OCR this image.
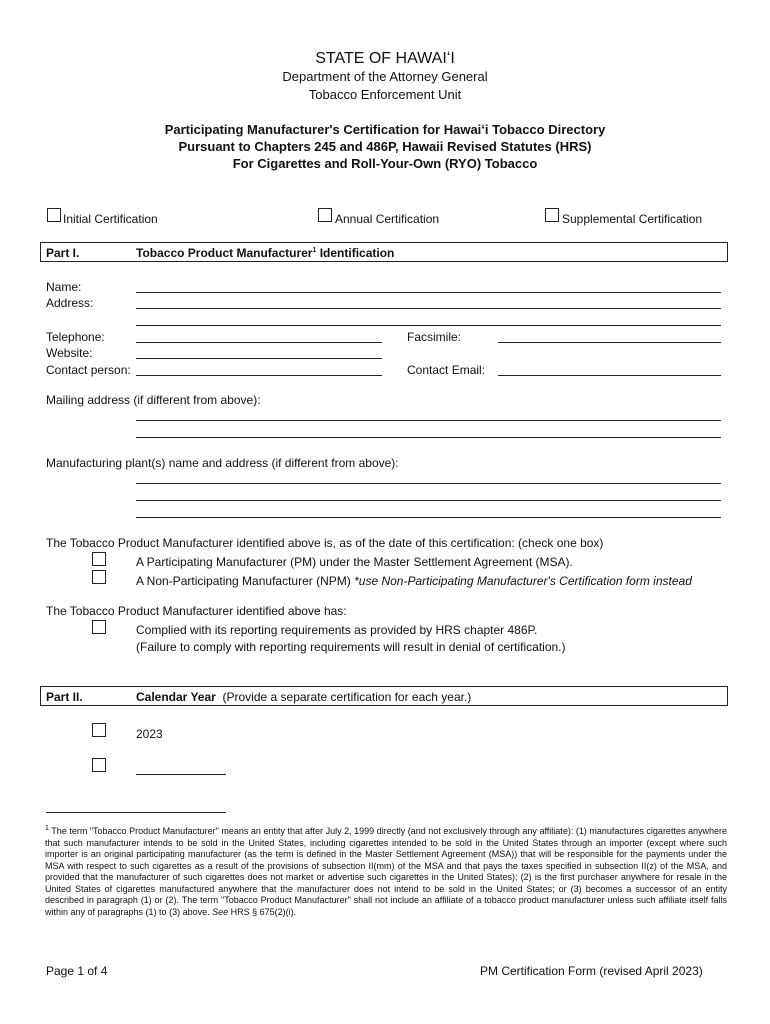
STATE OF HAWAIʻI
Department of the Attorney General
Tobacco Enforcement Unit
Participating Manufacturer's Certification for Hawaiʻi Tobacco Directory
Pursuant to Chapters 245 and 486P, Hawaii Revised Statutes (HRS)
For Cigarettes and Roll-Your-Own (RYO) Tobacco
Initial Certification	Annual Certification	Supplemental Certification
Part I.	Tobacco Product Manufacturer$^1$ Identification
Name:
Address:
Telephone:	Facsimile:
Website:
Contact person:	Contact Email:
Mailing address (if different from above):
Manufacturing plant(s) name and address (if different from above):
The Tobacco Product Manufacturer identified above is, as of the date of this certification: (check one box)
A Participating Manufacturer (PM) under the Master Settlement Agreement (MSA).
A Non-Participating Manufacturer (NPM) *use Non-Participating Manufacturer's Certification form instead
The Tobacco Product Manufacturer identified above has:
Complied with its reporting requirements as provided by HRS chapter 486P.
(Failure to comply with reporting requirements will result in denial of certification.)
Part II.	Calendar Year (Provide a separate certification for each year.)
2023
$^1$ The term "Tobacco Product Manufacturer" means an entity that after July 2, 1999 directly (and not exclusively through any affiliate): (1) manufactures cigarettes anywhere that such manufacturer intends to be sold in the United States, including cigarettes intended to be sold in the United States through an importer (except where such importer is an original participating manufacturer (as the term is defined in the Master Settlement Agreement (MSA)) that will be responsible for the payments under the MSA with respect to such cigarettes as a result of the provisions of subsection II(mm) of the MSA and that pays the taxes specified in subsection II(z) of the MSA, and provided that the manufacturer of such cigarettes does not market or advertise such cigarettes in the United States); (2) is the first purchaser anywhere for resale in the United States of cigarettes manufactured anywhere that the manufacturer does not intend to be sold in the United States; or (3) becomes a successor of an entity described in paragraph (1) or (2). The term "Tobacco Product Manufacturer" shall not include an affiliate of a tobacco product manufacturer unless such affiliate itself falls within any of paragraphs (1) to (3) above. See HRS § 675(2)(i).
Page 1 of 4	PM Certification Form (revised April 2023)
